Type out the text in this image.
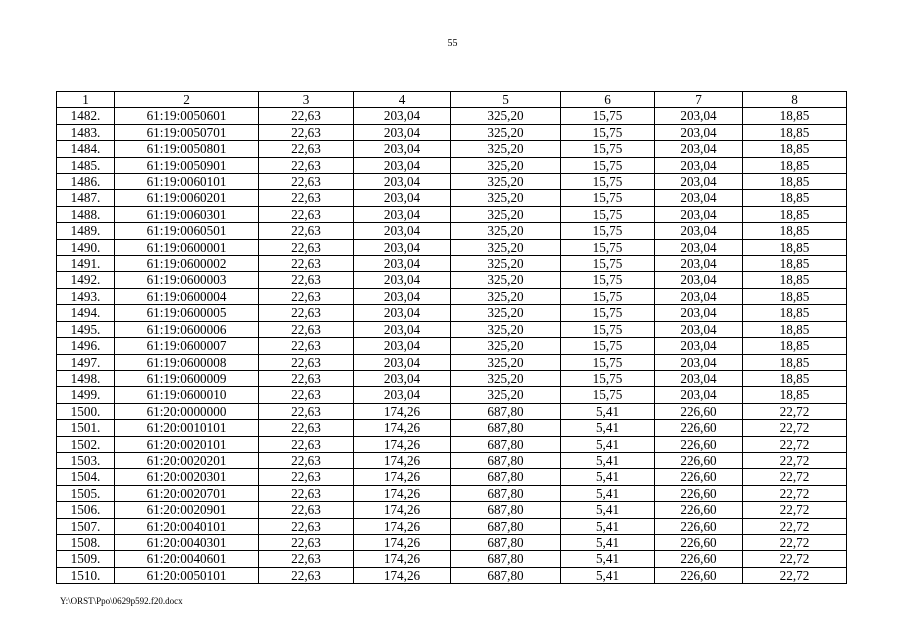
55
1	2	3	4	5	6	7	8
1482.	61:19:0050601	22,63	203,04	325,20	15,75	203,04	18,85
1483.	61:19:0050701	22,63	203,04	325,20	15,75	203,04	18,85
1484.	61:19:0050801	22,63	203,04	325,20	15,75	203,04	18,85
1485.	61:19:0050901	22,63	203,04	325,20	15,75	203,04	18,85
1486.	61:19:0060101	22,63	203,04	325,20	15,75	203,04	18,85
1487.	61:19:0060201	22,63	203,04	325,20	15,75	203,04	18,85
1488.	61:19:0060301	22,63	203,04	325,20	15,75	203,04	18,85
1489.	61:19:0060501	22,63	203,04	325,20	15,75	203,04	18,85
1490.	61:19:0600001	22,63	203,04	325,20	15,75	203,04	18,85
1491.	61:19:0600002	22,63	203,04	325,20	15,75	203,04	18,85
1492.	61:19:0600003	22,63	203,04	325,20	15,75	203,04	18,85
1493.	61:19:0600004	22,63	203,04	325,20	15,75	203,04	18,85
1494.	61:19:0600005	22,63	203,04	325,20	15,75	203,04	18,85
1495.	61:19:0600006	22,63	203,04	325,20	15,75	203,04	18,85
1496.	61:19:0600007	22,63	203,04	325,20	15,75	203,04	18,85
1497.	61:19:0600008	22,63	203,04	325,20	15,75	203,04	18,85
1498.	61:19:0600009	22,63	203,04	325,20	15,75	203,04	18,85
1499.	61:19:0600010	22,63	203,04	325,20	15,75	203,04	18,85
1500.	61:20:0000000	22,63	174,26	687,80	5,41	226,60	22,72
1501.	61:20:0010101	22,63	174,26	687,80	5,41	226,60	22,72
1502.	61:20:0020101	22,63	174,26	687,80	5,41	226,60	22,72
1503.	61:20:0020201	22,63	174,26	687,80	5,41	226,60	22,72
1504.	61:20:0020301	22,63	174,26	687,80	5,41	226,60	22,72
1505.	61:20:0020701	22,63	174,26	687,80	5,41	226,60	22,72
1506.	61:20:0020901	22,63	174,26	687,80	5,41	226,60	22,72
1507.	61:20:0040101	22,63	174,26	687,80	5,41	226,60	22,72
1508.	61:20:0040301	22,63	174,26	687,80	5,41	226,60	22,72
1509.	61:20:0040601	22,63	174,26	687,80	5,41	226,60	22,72
1510.	61:20:0050101	22,63	174,26	687,80	5,41	226,60	22,72
Y:\ORST\Ppo\0629p592.f20.docx
